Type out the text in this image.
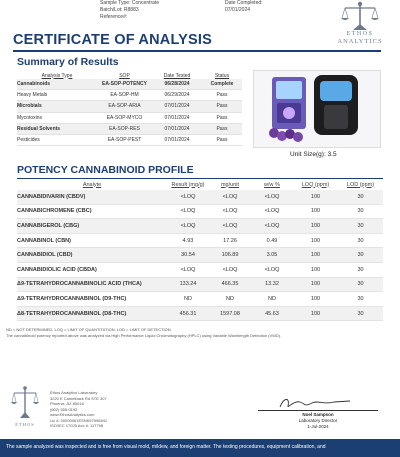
Sample Type: Concentrate
Batch/Lot: R8883
Reference#:
Date Completed:
07/01/2024
ETHOS
ANALYTICS
CERTIFICATE OF ANALYSIS
Summary of Results
Analysis Type	SOP	Date Tested	Status
Cannabinoids	EA-SOP-POTENCY	06/28/2024	Complete
Heavy Metals	EA-SOP-HM	06/29/2024	Pass
Microbials	EA-SOP-ARIA	07/01/2024	Pass
Mycotoxins	EA-SOP-MYCO	07/01/2024	Pass
Residual Solvents	EA-SOP-RES	07/01/2024	Pass
Pesticides	EA-SOP-PEST	07/01/2024	Pass
Unit Size(g): 3.5
POTENCY CANNABINOID PROFILE
Analyte	Result (mg/g)	mg/unit	w/w %	LOQ (ppm)	LOD (ppm)
CANNABIDIVARIN (CBDV)	<LOQ	<LOQ	<LOQ	100	30
CANNABICHROMENE (CBC)	<LOQ	<LOQ	<LOQ	100	30
CANNABIGEROL (CBG)	<LOQ	<LOQ	<LOQ	100	30
CANNABINOL (CBN)	4.93	17.26	0.49	100	30
CANNABIDIOL (CBD)	30.54	106.89	3.05	100	30
CANNABIDIOLIC ACID (CBDA)	<LOQ	<LOQ	<LOQ	100	30
Δ9-TETRAHYDROCANNABINOLIC ACID (THCA)	133.24	466.35	13.32	100	30
Δ9-TETRAHYDROCANNABINOL (D9-THC)	ND	ND	ND	100	30
Δ8-TETRAHYDROCANNABINOL (D8-THC)	456.31	1597.08	45.63	100	30
ND = NOT DETERMINED, LOQ = LIMIT OF QUANTITATION, LOD = LIMIT OF DETECTION
The cannabinoid potency reported above was analyzed via High Performance Liquid Chromatography (HPLC) using Variable Wavelength Detection (VWD).
ETHOS
Ethos Analytics Laboratory
3220 E Camelback Rd STE 307
Phoenix, AZ 85016
(602) 555-0192
www.EthosAnalytics.com
Lic #: 00000061ESNK67596841
ISO/IEC 17025 Acc #: 117798
Noel Sampson
Laboratory Director
1-Jul-2024
The sample analyzed was inspected and is free from visual mold, mildew, and foreign matter. The testing procedures, equipment calibration, and
